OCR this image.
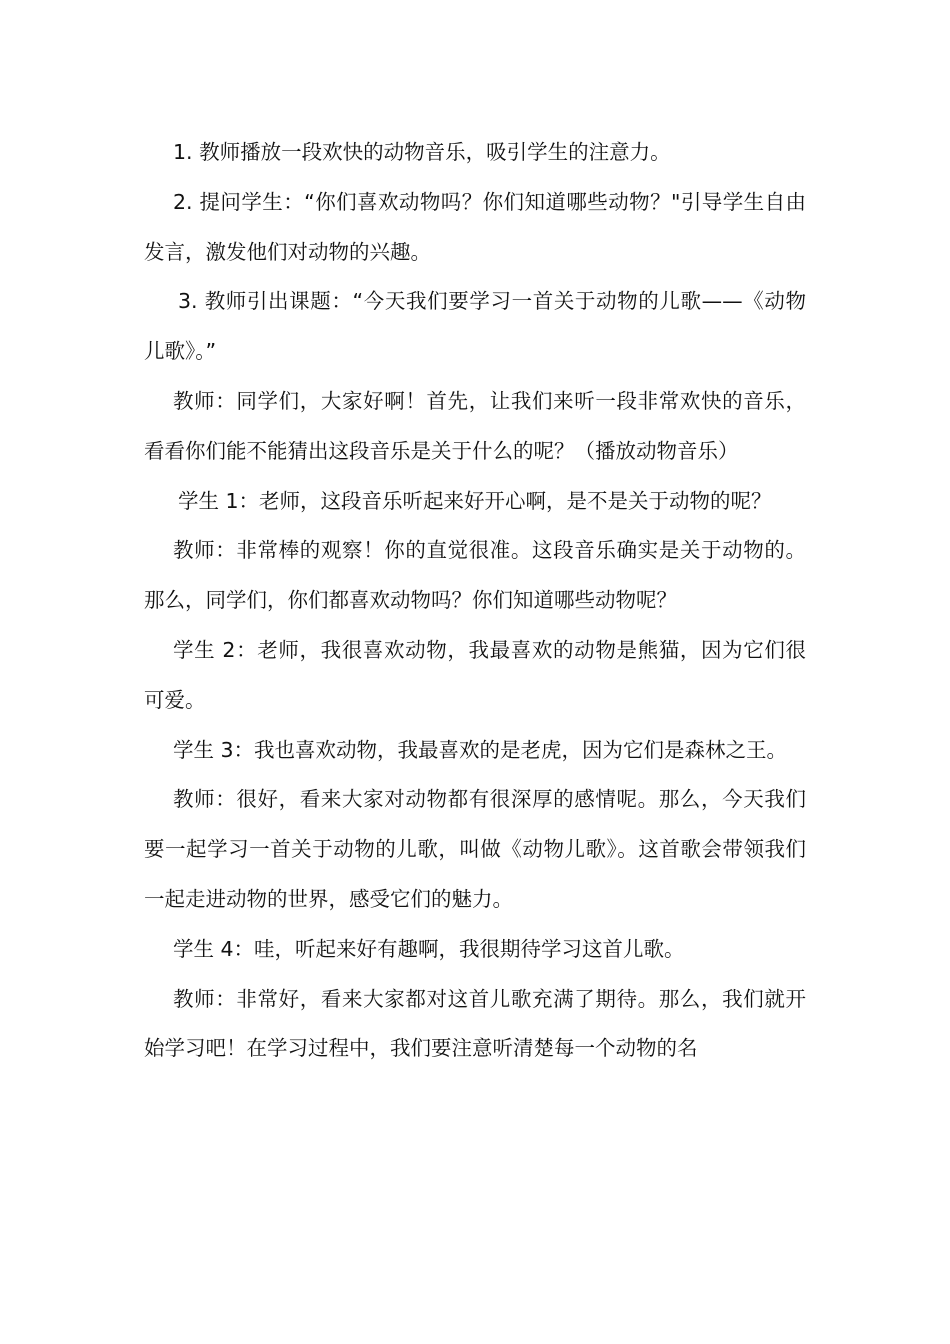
1. 教师播放一段欢快的动物音乐，吸引学生的注意力。

2. 提问学生：“你们喜欢动物吗？你们知道哪些动物？"引导学生自由发言，激发他们对动物的兴趣。

3. 教师引出课题：“今天我们要学习一首关于动物的儿歌——《动物儿歌》。”

教师：同学们，大家好啊！首先，让我们来听一段非常欢快的音乐，看看你们能不能猜出这段音乐是关于什么的呢？（播放动物音乐）

学生 1：老师，这段音乐听起来好开心啊，是不是关于动物的呢？

教师：非常棒的观察！你的直觉很准。这段音乐确实是关于动物的。那么，同学们，你们都喜欢动物吗？你们知道哪些动物呢？

学生 2：老师，我很喜欢动物，我最喜欢的动物是熊猫，因为它们很可爱。

学生 3：我也喜欢动物，我最喜欢的是老虎，因为它们是森林之王。

教师：很好，看来大家对动物都有很深厚的感情呢。那么，今天我们要一起学习一首关于动物的儿歌，叫做《动物儿歌》。这首歌会带领我们一起走进动物的世界，感受它们的魅力。

学生 4：哇，听起来好有趣啊，我很期待学习这首儿歌。

教师：非常好，看来大家都对这首儿歌充满了期待。那么，我们就开始学习吧！在学习过程中，我们要注意听清楚每一个动物的名
